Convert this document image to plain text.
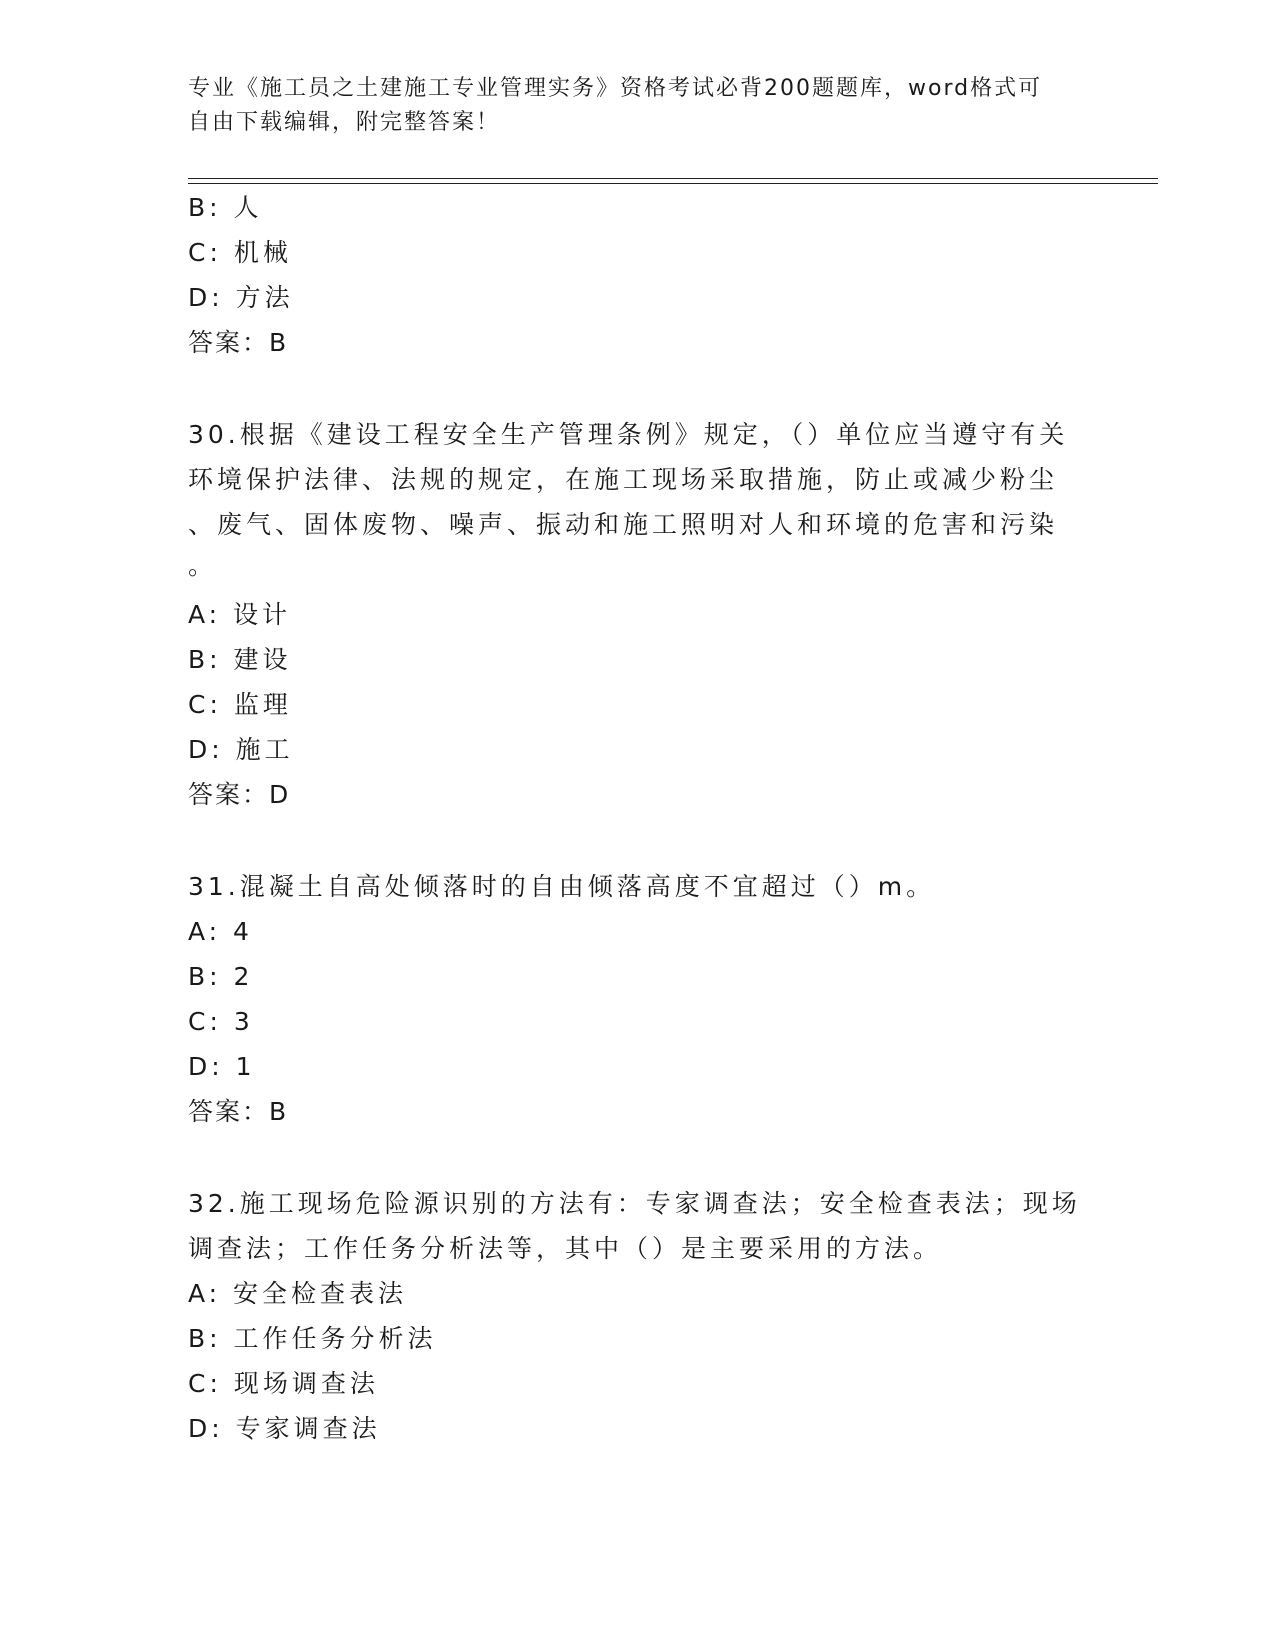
专业《施工员之土建施工专业管理实务》资格考试必背200题题库，word格式可
自由下载编辑，附完整答案！
B: 人
C: 机械
D: 方法
答案：B
30.根据《建设工程安全生产管理条例》规定，（）单位应当遵守有关
环境保护法律、法规的规定，在施工现场采取措施，防止或减少粉尘
、废气、固体废物、噪声、振动和施工照明对人和环境的危害和污染
。
A: 设计
B: 建设
C: 监理
D: 施工
答案：D
31.混凝土自高处倾落时的自由倾落高度不宜超过（）m。
A: 4
B: 2
C: 3
D: 1
答案：B
32.施工现场危险源识别的方法有：专家调查法；安全检查表法；现场
调查法；工作任务分析法等，其中（）是主要采用的方法。
A: 安全检查表法
B: 工作任务分析法
C: 现场调查法
D: 专家调查法
